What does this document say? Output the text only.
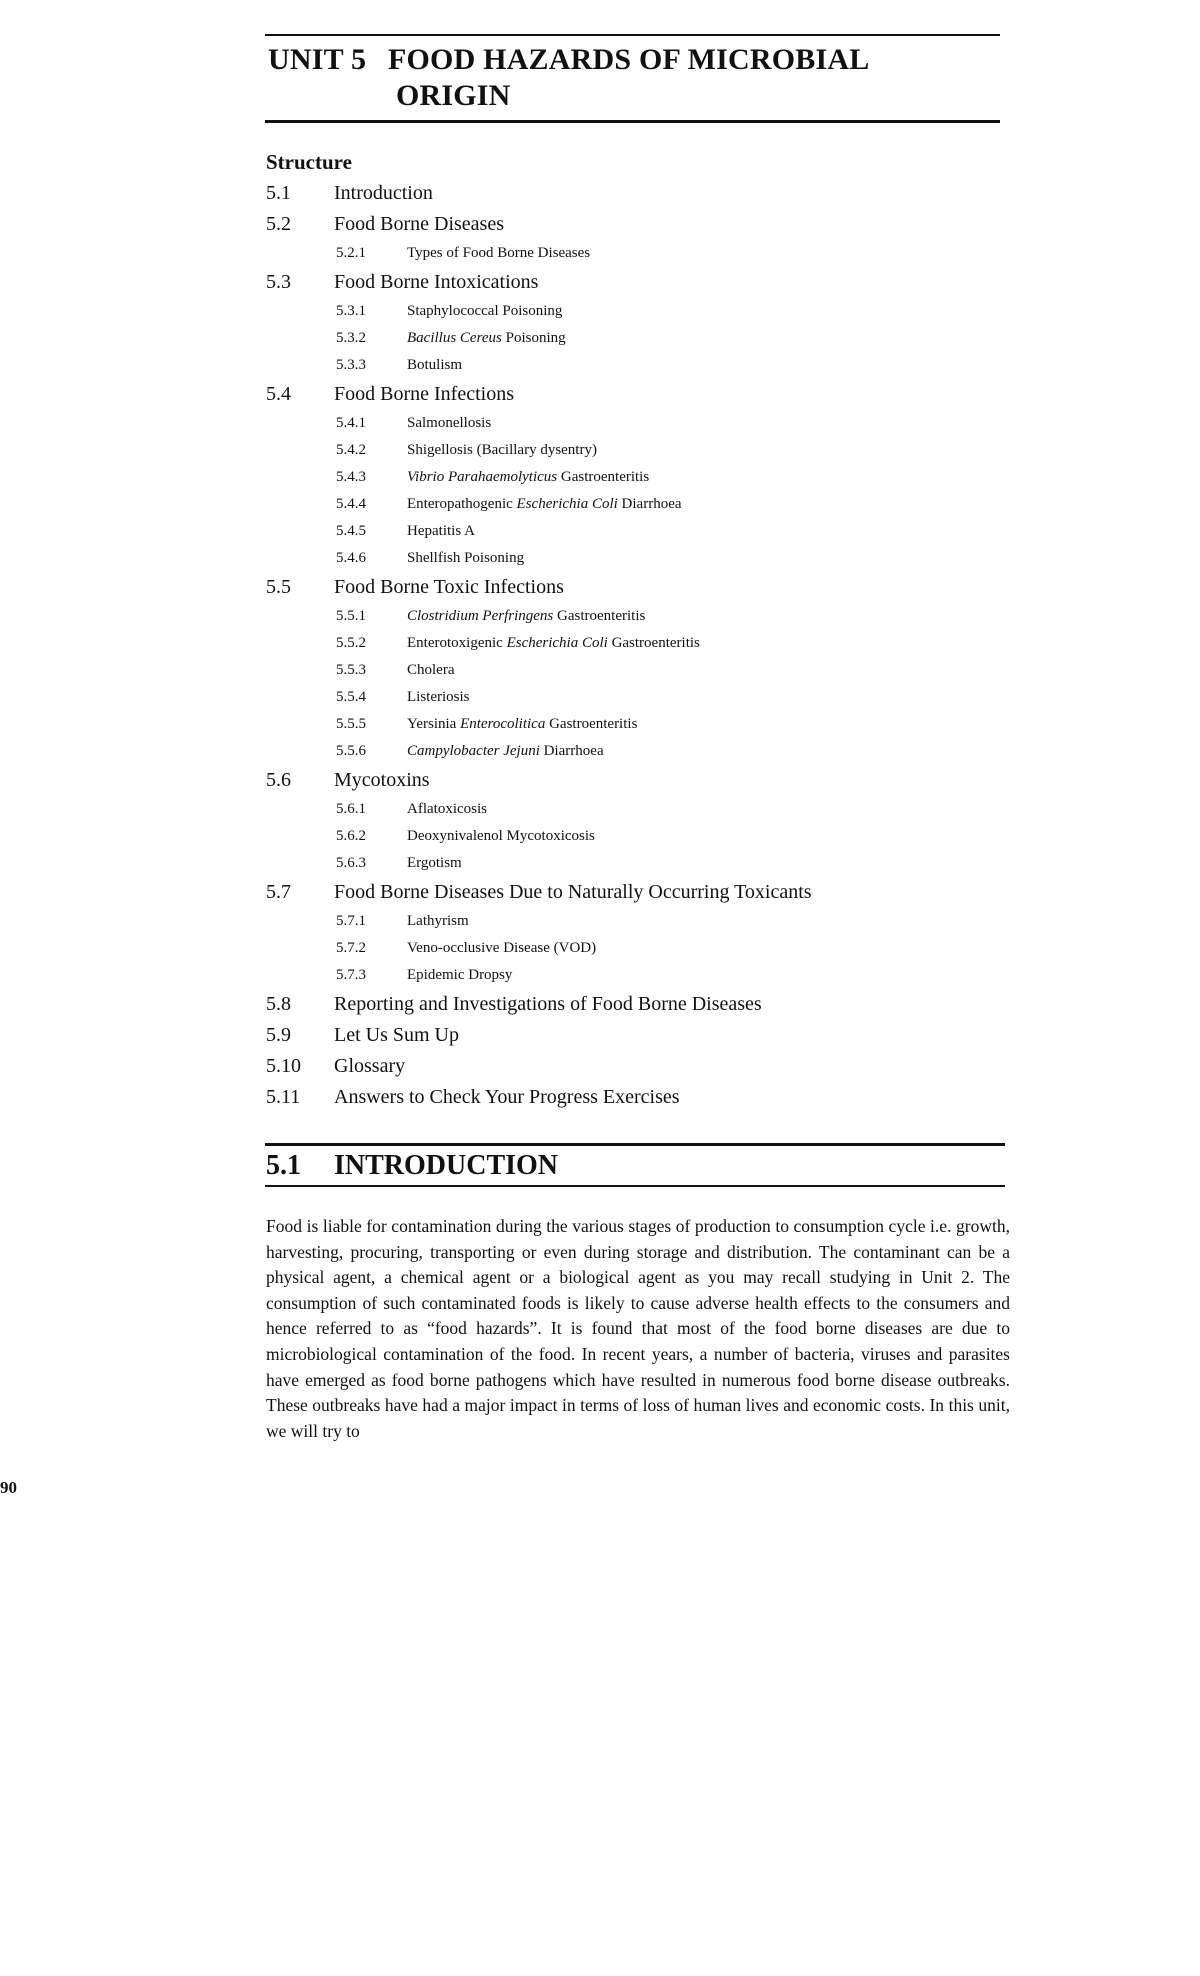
UNIT 5 FOOD HAZARDS OF MICROBIAL
ORIGIN
Structure
5.1	Introduction
5.2	Food Borne Diseases
5.2.1	Types of Food Borne Diseases
5.3	Food Borne Intoxications
5.3.1	Staphylococcal Poisoning
5.3.2	Bacillus Cereus Poisoning
5.3.3	Botulism
5.4	Food Borne Infections
5.4.1	Salmonellosis
5.4.2	Shigellosis (Bacillary dysentry)
5.4.3	Vibrio Parahaemolyticus Gastroenteritis
5.4.4	Enteropathogenic Escherichia Coli Diarrhoea
5.4.5	Hepatitis A
5.4.6	Shellfish Poisoning
5.5	Food Borne Toxic Infections
5.5.1	Clostridium Perfringens Gastroenteritis
5.5.2	Enterotoxigenic Escherichia Coli Gastroenteritis
5.5.3	Cholera
5.5.4	Listeriosis
5.5.5	Yersinia Enterocolitica Gastroenteritis
5.5.6	Campylobacter Jejuni Diarrhoea
5.6	Mycotoxins
5.6.1	Aflatoxicosis
5.6.2	Deoxynivalenol Mycotoxicosis
5.6.3	Ergotism
5.7	Food Borne Diseases Due to Naturally Occurring Toxicants
5.7.1	Lathyrism
5.7.2	Veno-occlusive Disease (VOD)
5.7.3	Epidemic Dropsy
5.8	Reporting and Investigations of Food Borne Diseases
5.9	Let Us Sum Up
5.10	Glossary
5.11	Answers to Check Your Progress Exercises
5.1 INTRODUCTION

Food is liable for contamination during the various stages of production to consumption cycle i.e. growth, harvesting, procuring, transporting or even during storage and distribution. The contaminant can be a physical agent, a chemical agent or a biological agent as you may recall studying in Unit 2. The consumption of such contaminated foods is likely to cause adverse health effects to the consumers and hence referred to as “food hazards”. It is found that most of the food borne diseases are due to microbiological contamination of the food. In recent years, a number of bacteria, viruses and parasites have emerged as food borne pathogens which have resulted in numerous food borne disease outbreaks. These outbreaks have had a major impact in terms of loss of human lives and economic costs. In this unit, we will try to

90
